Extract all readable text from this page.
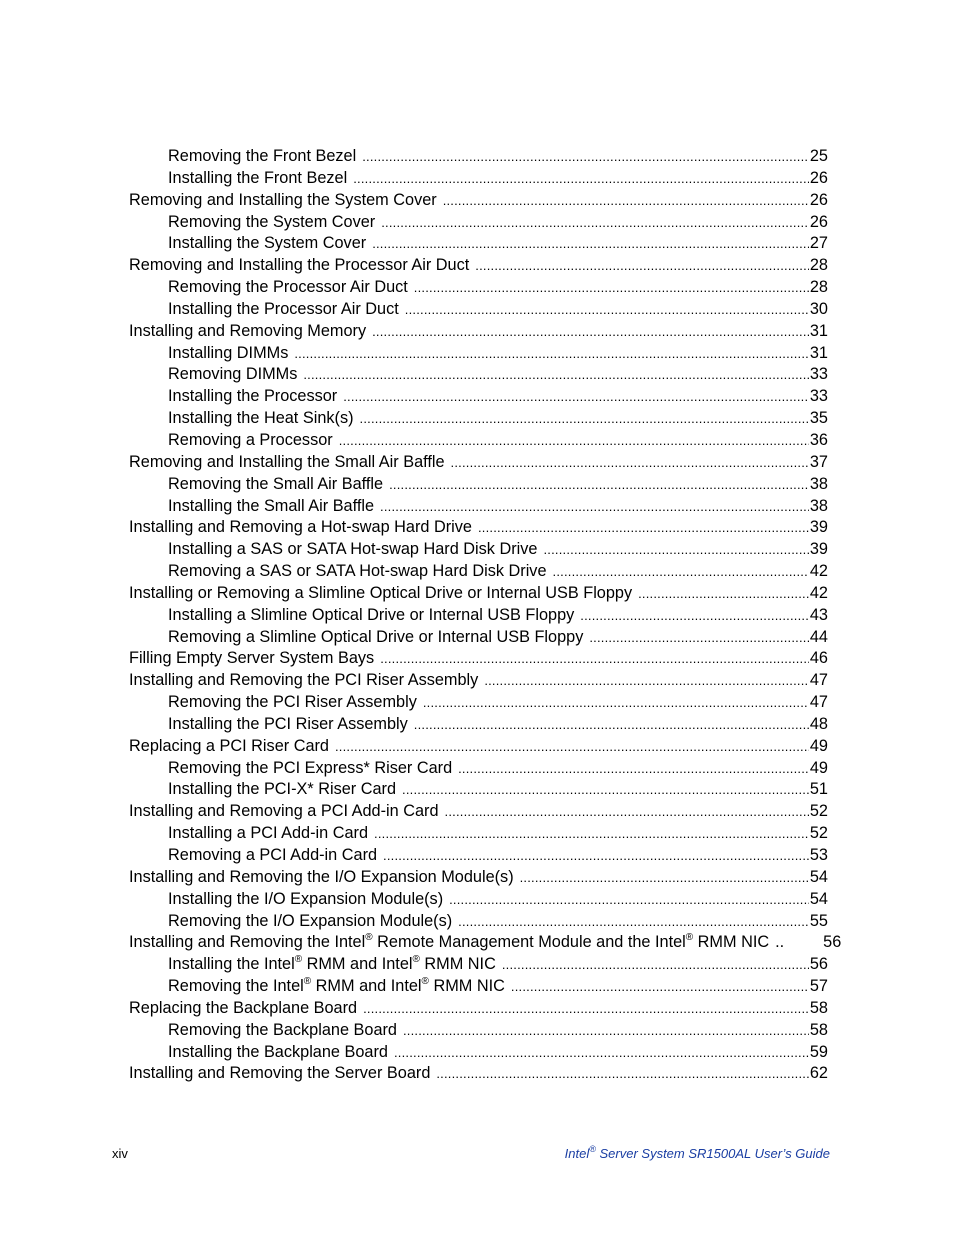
Removing the Front Bezel .....	25
Installing the Front Bezel .....	26
Removing and Installing the System Cover .....	26
Removing the System Cover .....	26
Installing the System Cover .....	27
Removing and Installing the Processor Air Duct .....	28
Removing the Processor Air Duct .....	28
Installing the Processor Air Duct .....	30
Installing and Removing Memory .....	31
Installing DIMMs .....	31
Removing DIMMs .....	33
Installing the Processor .....	33
Installing the Heat Sink(s) .....	35
Removing a Processor .....	36
Removing and Installing the Small Air Baffle .....	37
Removing the Small Air Baffle .....	38
Installing the Small Air Baffle .....	38
Installing and Removing a Hot-swap Hard Drive .....	39
Installing a SAS or SATA Hot-swap Hard Disk Drive .....	39
Removing a SAS or SATA Hot-swap Hard Disk Drive .....	42
Installing or Removing a Slimline Optical Drive or Internal USB Floppy .....	42
Installing a Slimline Optical Drive or Internal USB Floppy .....	43
Removing a Slimline Optical Drive or Internal USB Floppy .....	44
Filling Empty Server System Bays .....	46
Installing and Removing the PCI Riser Assembly .....	47
Removing the PCI Riser Assembly .....	47
Installing the PCI Riser Assembly .....	48
Replacing a PCI Riser Card .....	49
Removing the PCI Express* Riser Card .....	49
Installing the PCI-X* Riser Card .....	51
Installing and Removing a PCI Add-in Card .....	52
Installing a PCI Add-in Card .....	52
Removing a PCI Add-in Card .....	53
Installing and Removing the I/O Expansion Module(s) .....	54
Installing the I/O Expansion Module(s) .....	54
Removing the I/O Expansion Module(s) .....	55
Installing and Removing the Intel® Remote Management Module and the Intel® RMM NIC ..	56
Installing the Intel® RMM and Intel® RMM NIC .....	56
Removing the Intel® RMM and Intel® RMM NIC .....	57
Replacing the Backplane Board .....	58
Removing the Backplane Board .....	58
Installing the Backplane Board .....	59
Installing and Removing the Server Board .....	62
xiv	Intel® Server System SR1500AL User’s Guide
